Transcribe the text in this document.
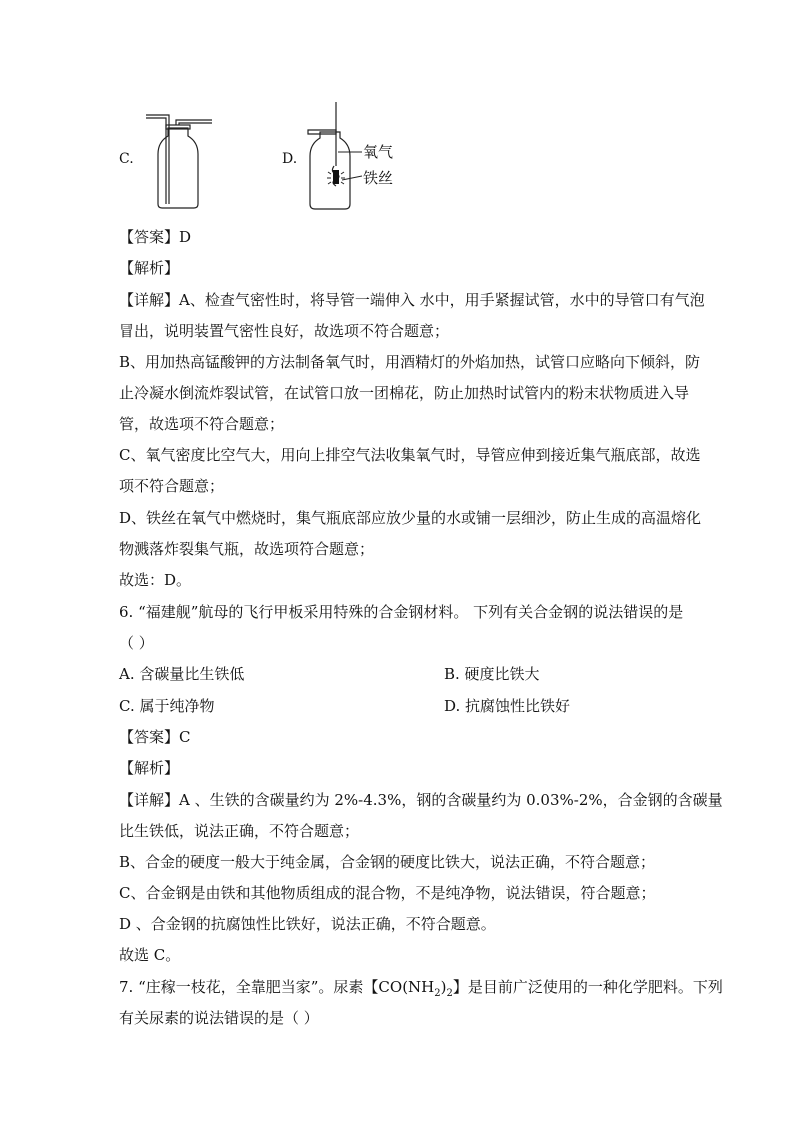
C.	D.	氧气
铁丝
【答案】D
【解析】
【详解】A、检查气密性时，将导管一端伸入 水中，用手紧握试管，水中的导管口有气泡
冒出，说明装置气密性良好，故选项不符合题意；
B、用加热高锰酸钾的方法制备氧气时，用酒精灯的外焰加热，试管口应略向下倾斜，防
止冷凝水倒流炸裂试管，在试管口放一团棉花，防止加热时试管内的粉末状物质进入导
管，故选项不符合题意；
C、氧气密度比空气大，用向上排空气法收集氧气时，导管应伸到接近集气瓶底部，故选
项不符合题意；
D、铁丝在氧气中燃烧时，集气瓶底部应放少量的水或铺一层细沙，防止生成的高温熔化
物溅落炸裂集气瓶，故选项符合题意；
故选：D。
6. “福建舰”航母的飞行甲板采用特殊的合金钢材料。 下列有关合金钢的说法错误的是
（ ）
A. 含碳量比生铁低	B. 硬度比铁大
C. 属于纯净物	D. 抗腐蚀性比铁好
【答案】C
【解析】
【详解】A 、生铁的含碳量约为 2%-4.3%，钢的含碳量约为 0.03%-2%，合金钢的含碳量
比生铁低，说法正确，不符合题意；
B、合金的硬度一般大于纯金属，合金钢的硬度比铁大，说法正确，不符合题意；
C、合金钢是由铁和其他物质组成的混合物，不是纯净物，说法错误，符合题意；
D 、合金钢的抗腐蚀性比铁好，说法正确，不符合题意。
故选 C。
7. “庄稼一枝花，全靠肥当家”。尿素【$CO(NH_2)_2$】是目前广泛使用的一种化学肥料。下列
有关尿素的说法错误的是（ ）
